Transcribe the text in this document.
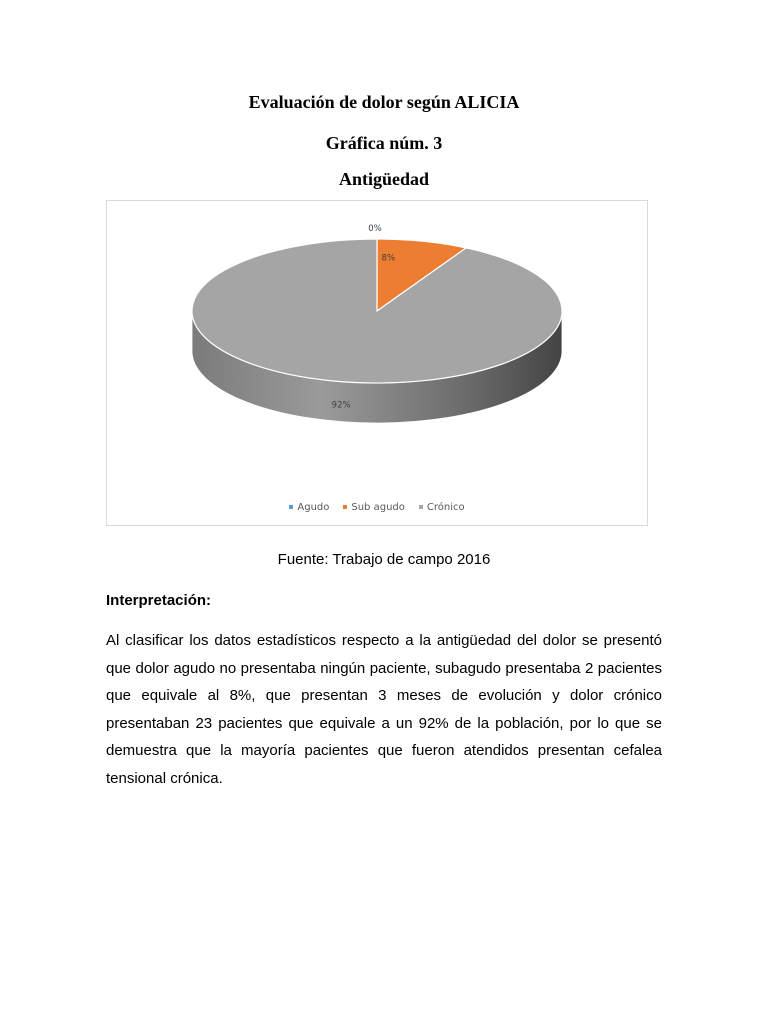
Evaluación de dolor según ALICIA
Gráfica núm. 3
Antigüedad
0%
8%
92%
Agudo Sub agudo Crónico

Fuente: Trabajo de campo 2016

Interpretación:

Al clasificar los datos estadísticos respecto a la antigüedad del dolor se presentó que dolor agudo no presentaba ningún paciente, subagudo presentaba 2 pacientes que equivale al 8%, que presentan 3 meses de evolución y dolor crónico presentaban 23 pacientes que equivale a un 92% de la población, por lo que se demuestra que la mayoría pacientes que fueron atendidos presentan cefalea tensional crónica.
